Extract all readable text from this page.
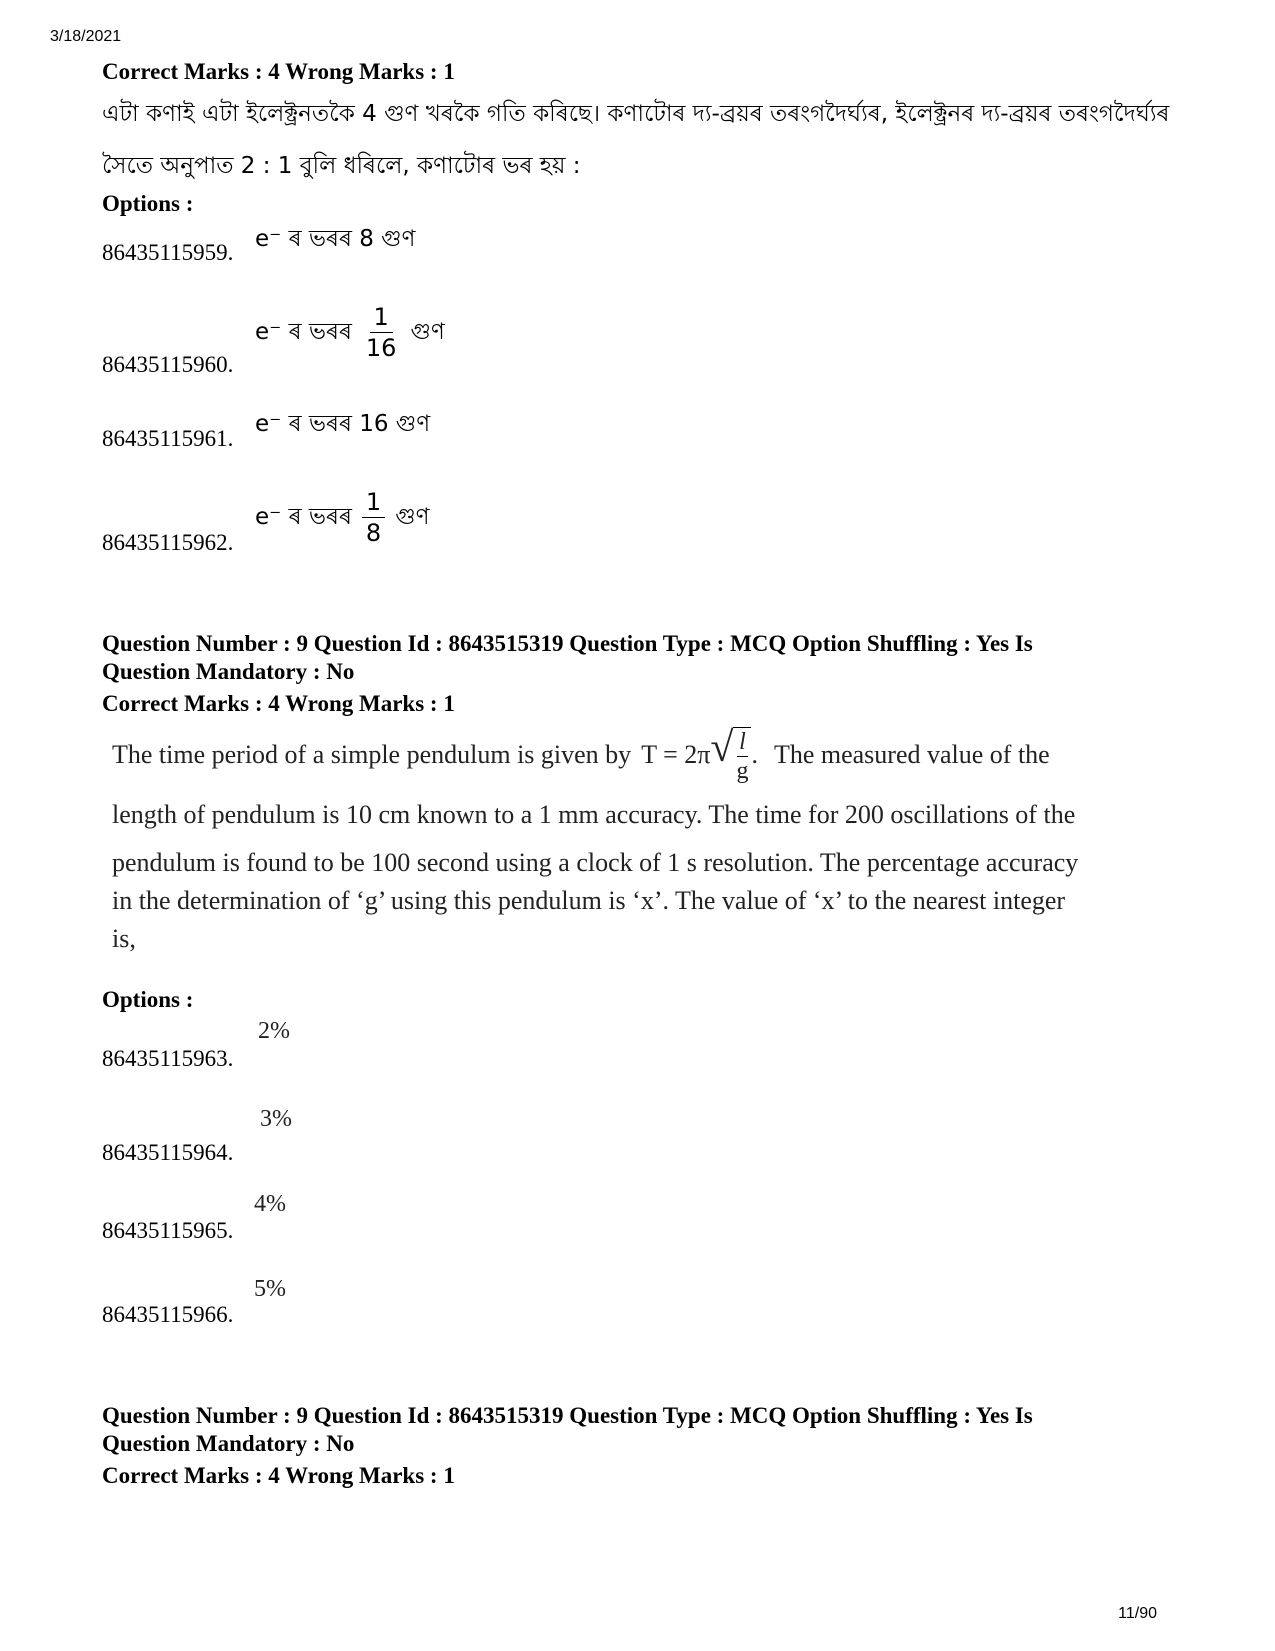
3/18/2021
11/90
Correct Marks : 4 Wrong Marks : 1
এটা কণাই এটা ইলেক্ট্ৰনতকৈ 4 গুণ খৰকৈ গতি কৰিছে। কণাটোৰ দ্য-ব্ৰয়ৰ তৰংগদৈৰ্ঘ্যৰ, ইলেক্ট্ৰনৰ দ্য-ব্ৰয়ৰ তৰংগদৈৰ্ঘ্যৰ
সৈতে অনুপাত 2 : 1 বুলি ধৰিলে, কণাটোৰ ভৰ হয় :
Options :
86435115959.
e⁻ ৰ ভৰৰ 8 গুণ
86435115960.
e⁻ ৰ ভৰৰ $\frac{1}{16}$ গুণ
86435115961.
e⁻ ৰ ভৰৰ 16 গুণ
86435115962.
e⁻ ৰ ভৰৰ $\frac{1}{8}$ গুণ
Question Number : 9 Question Id : 8643515319 Question Type : MCQ Option Shuffling : Yes Is
Question Mandatory : No
Correct Marks : 4 Wrong Marks : 1
The time period of a simple pendulum is given by T = 2π √ $\frac{l}{g}$ . The measured value of the
length of pendulum is 10 cm known to a 1 mm accuracy. The time for 200 oscillations of the
pendulum is found to be 100 second using a clock of 1 s resolution. The percentage accuracy
in the determination of ‘g’ using this pendulum is ‘x’. The value of ‘x’ to the nearest integer
is,
Options :
86435115963.
2%
86435115964.
3%
86435115965.
4%
86435115966.
5%
Question Number : 9 Question Id : 8643515319 Question Type : MCQ Option Shuffling : Yes Is
Question Mandatory : No
Correct Marks : 4 Wrong Marks : 1
